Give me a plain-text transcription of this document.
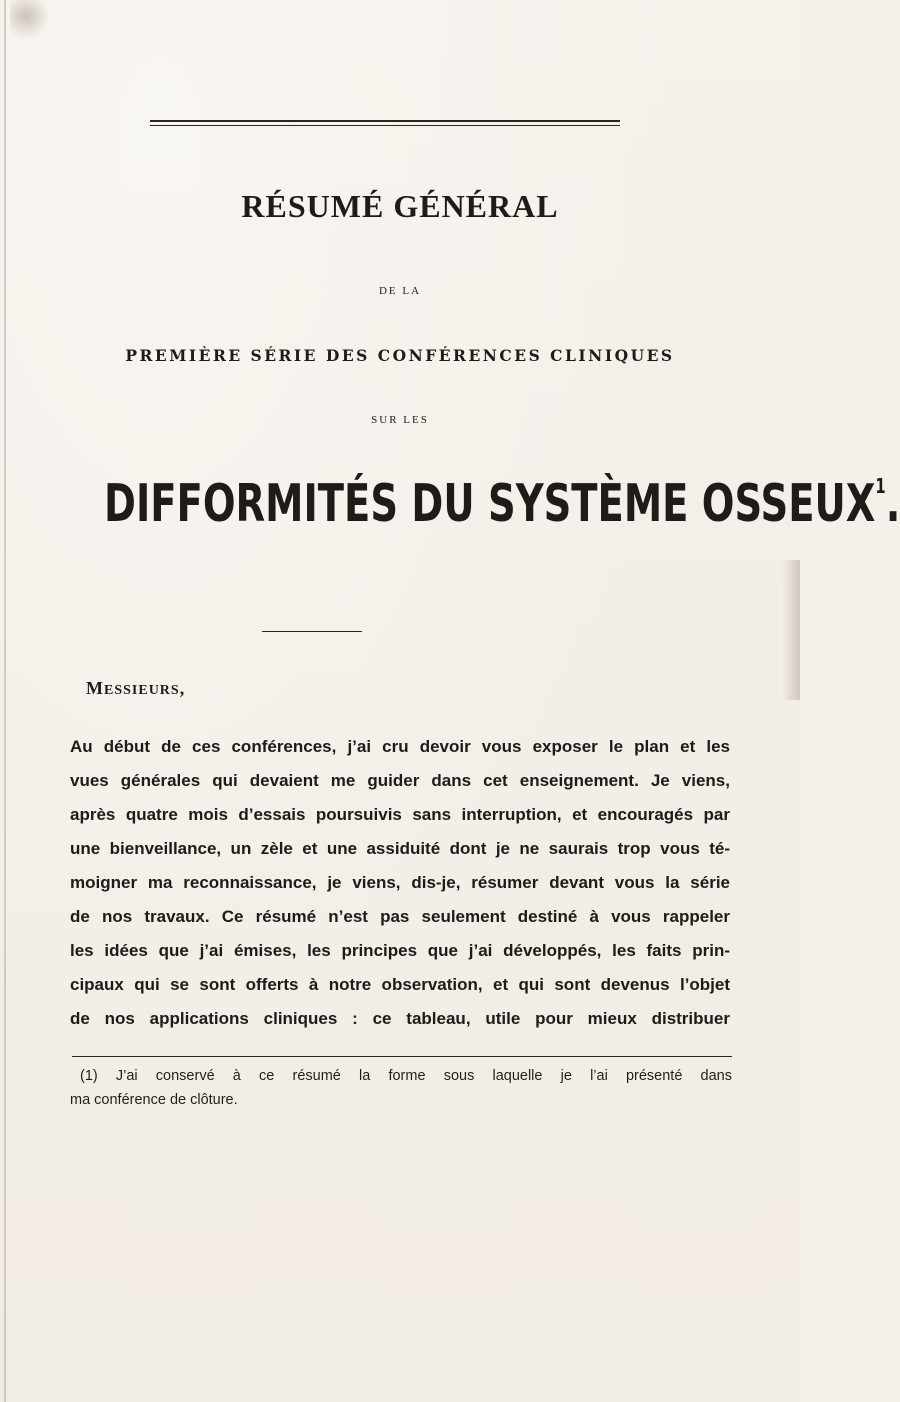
RÉSUMÉ GÉNÉRAL

DE LA

PREMIÈRE SÉRIE DES CONFÉRENCES CLINIQUES

SUR LES

DIFFORMITÉS DU SYSTÈME OSSEUX$^1$.

MESSIEURS,

Au début de ces conférences, j’ai cru devoir vous exposer le plan et les
vues générales qui devaient me guider dans cet enseignement. Je viens,
après quatre mois d’essais poursuivis sans interruption, et encouragés par
une bienveillance, un zèle et une assiduité dont je ne saurais trop vous té-
moigner ma reconnaissance, je viens, dis-je, résumer devant vous la série
de nos travaux. Ce résumé n’est pas seulement destiné à vous rappeler
les idées que j’ai émises, les principes que j’ai développés, les faits prin-
cipaux qui se sont offerts à notre observation, et qui sont devenus l’objet
de nos applications cliniques : ce tableau, utile pour mieux distribuer
(1) J’ai conservé à ce résumé la forme sous laquelle je l’ai présenté dans
ma conférence de clôture.
